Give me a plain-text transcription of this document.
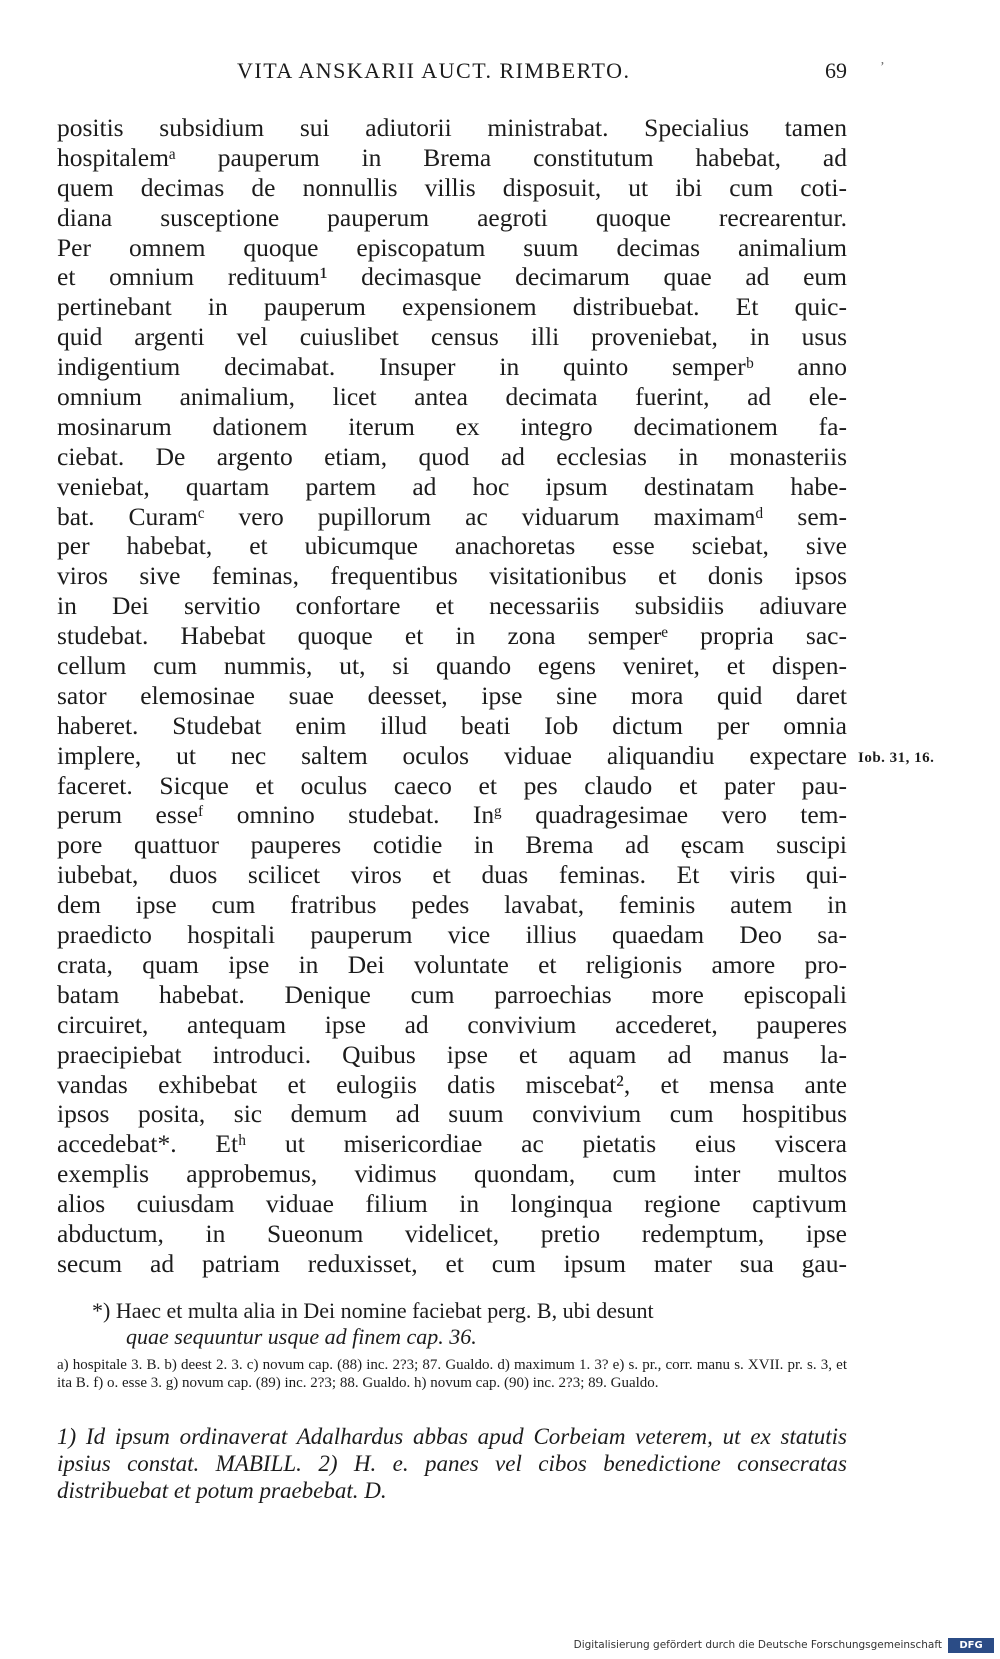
VITA ANSKARII AUCT. RIMBERTO.	69 ʼ
positis subsidium sui adiutorii ministrabat. Specialius tamen
hospitalemᵃ pauperum in Brema constitutum habebat, ad
quem decimas de nonnullis villis disposuit, ut ibi cum coti-
diana susceptione pauperum aegroti quoque recrearentur.
Per omnem quoque episcopatum suum decimas animalium
et omnium redituum¹ decimasque decimarum quae ad eum
pertinebant in pauperum expensionem distribuebat. Et quic-
quid argenti vel cuiuslibet census illi proveniebat, in usus
indigentium decimabat. Insuper in quinto semperᵇ anno
omnium animalium, licet antea decimata fuerint, ad ele-
mosinarum dationem iterum ex integro decimationem fa-
ciebat. De argento etiam, quod ad ecclesias in monasteriis
veniebat, quartam partem ad hoc ipsum destinatam habe-
bat. Curamᶜ vero pupillorum ac viduarum maximamᵈ sem-
per habebat, et ubicumque anachoretas esse sciebat, sive
viros sive feminas, frequentibus visitationibus et donis ipsos
in Dei servitio confortare et necessariis subsidiis adiuvare
studebat. Habebat quoque et in zona semperᵉ propria sac-
cellum cum nummis, ut, si quando egens veniret, et dispen-
sator elemosinae suae deesset, ipse sine mora quid daret
haberet. Studebat enim illud beati Iob dictum per omnia
implere, ut nec saltem oculos viduae aliquandiu expectare
faceret. Sicque et oculus caeco et pes claudo et pater pau-
perum esseᶠ omnino studebat. Inᵍ quadragesimae vero tem-
pore quattuor pauperes cotidie in Brema ad ęscam suscipi
iubebat, duos scilicet viros et duas feminas. Et viris qui-
dem ipse cum fratribus pedes lavabat, feminis autem in
praedicto hospitali pauperum vice illius quaedam Deo sa-
crata, quam ipse in Dei voluntate et religionis amore pro-
batam habebat. Denique cum parroechias more episcopali
circuiret, antequam ipse ad convivium accederet, pauperes
praecipiebat introduci. Quibus ipse et aquam ad manus la-
vandas exhibebat et eulogiis datis miscebat², et mensa ante
ipsos posita, sic demum ad suum convivium cum hospitibus
accedebat*. Etʰ ut misericordiae ac pietatis eius viscera
exemplis approbemus, vidimus quondam, cum inter multos
alios cuiusdam viduae filium in longinqua regione captivum
abductum, in Sueonum videlicet, pretio redemptum, ipse
secum ad patriam reduxisset, et cum ipsum mater sua gau-
Iob. 31, 16.
*) Haec et multa alia in Dei nomine faciebat perg. B, ubi desunt
quae sequuntur usque ad finem cap. 36.
a) hospitale 3. B. b) deest 2. 3. c) novum cap. (88) inc. 2?3; 87. Gualdo. d) maximum 1. 3? e) s. pr., corr. manu s. XVII. pr. s. 3, et ita B. f) o. esse 3. g) novum cap. (89) inc. 2?3; 88. Gualdo. h) novum cap. (90) inc. 2?3; 89. Gualdo.
1) Id ipsum ordinaverat Adalhardus abbas apud Corbeiam veterem, ut ex statutis ipsius constat. MABILL. 2) H. e. panes vel cibos benedictione consecratas distribuebat et potum praebebat. D.
Digitalisierung gefördert durch die Deutsche Forschungsgemeinschaft	DFG
